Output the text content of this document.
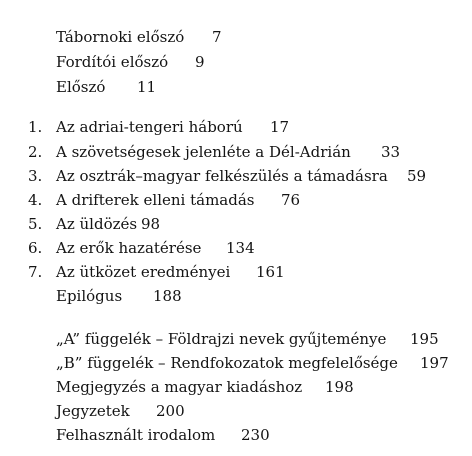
Tábornoki előszó 7
Fordítói előszó 9
Előszó 11
1. Az adriai-tengeri háború 17
2. A szövetségesek jelenléte a Dél-Adrián 33
3. Az osztrák–magyar felkészülés a támadásra 59
4. A drifterek elleni támadás 76
5. Az üldözés 98
6. Az erők hazatérése 134
7. Az ütközet eredményei 161
Epilógus 188
„A” függelék – Földrajzi nevek gyűjteménye 195
„B” függelék – Rendfokozatok megfelelősége 197
Megjegyzés a magyar kiadáshoz 198
Jegyzetek 200
Felhasznált irodalom 230
